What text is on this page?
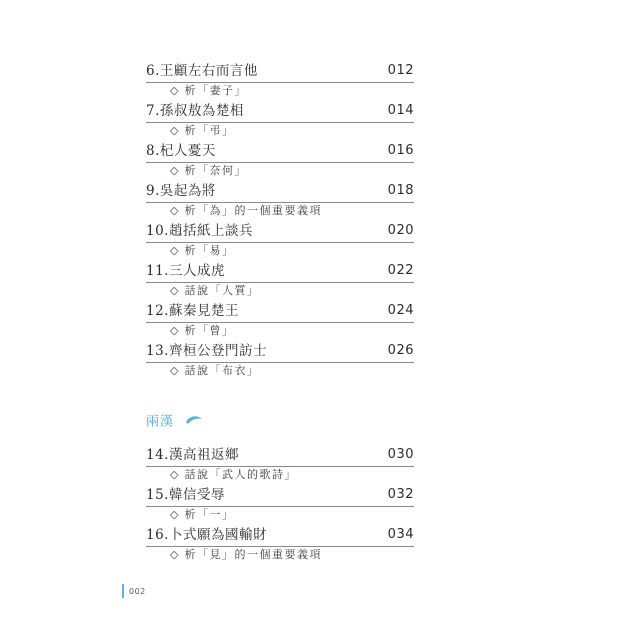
6.王顧左右而言他	012
◇ 析「妻子」
7.孫叔敖為楚相	014
◇ 析「弔」
8.杞人憂天	016
◇ 析「奈何」
9.吳起為將	018
◇ 析「為」的一個重要義項
10.趙括紙上談兵	020
◇ 析「易」
11.三人成虎	022
◇ 話說「人質」
12.蘇秦見楚王	024
◇ 析「曾」
13.齊桓公登門訪士	026
◇ 話說「布衣」
兩漢
14.漢高祖返鄉	030
◇ 話說「武人的歌詩」
15.韓信受辱	032
◇ 析「一」
16.卜式願為國輸財	034
◇ 析「見」的一個重要義項
002
